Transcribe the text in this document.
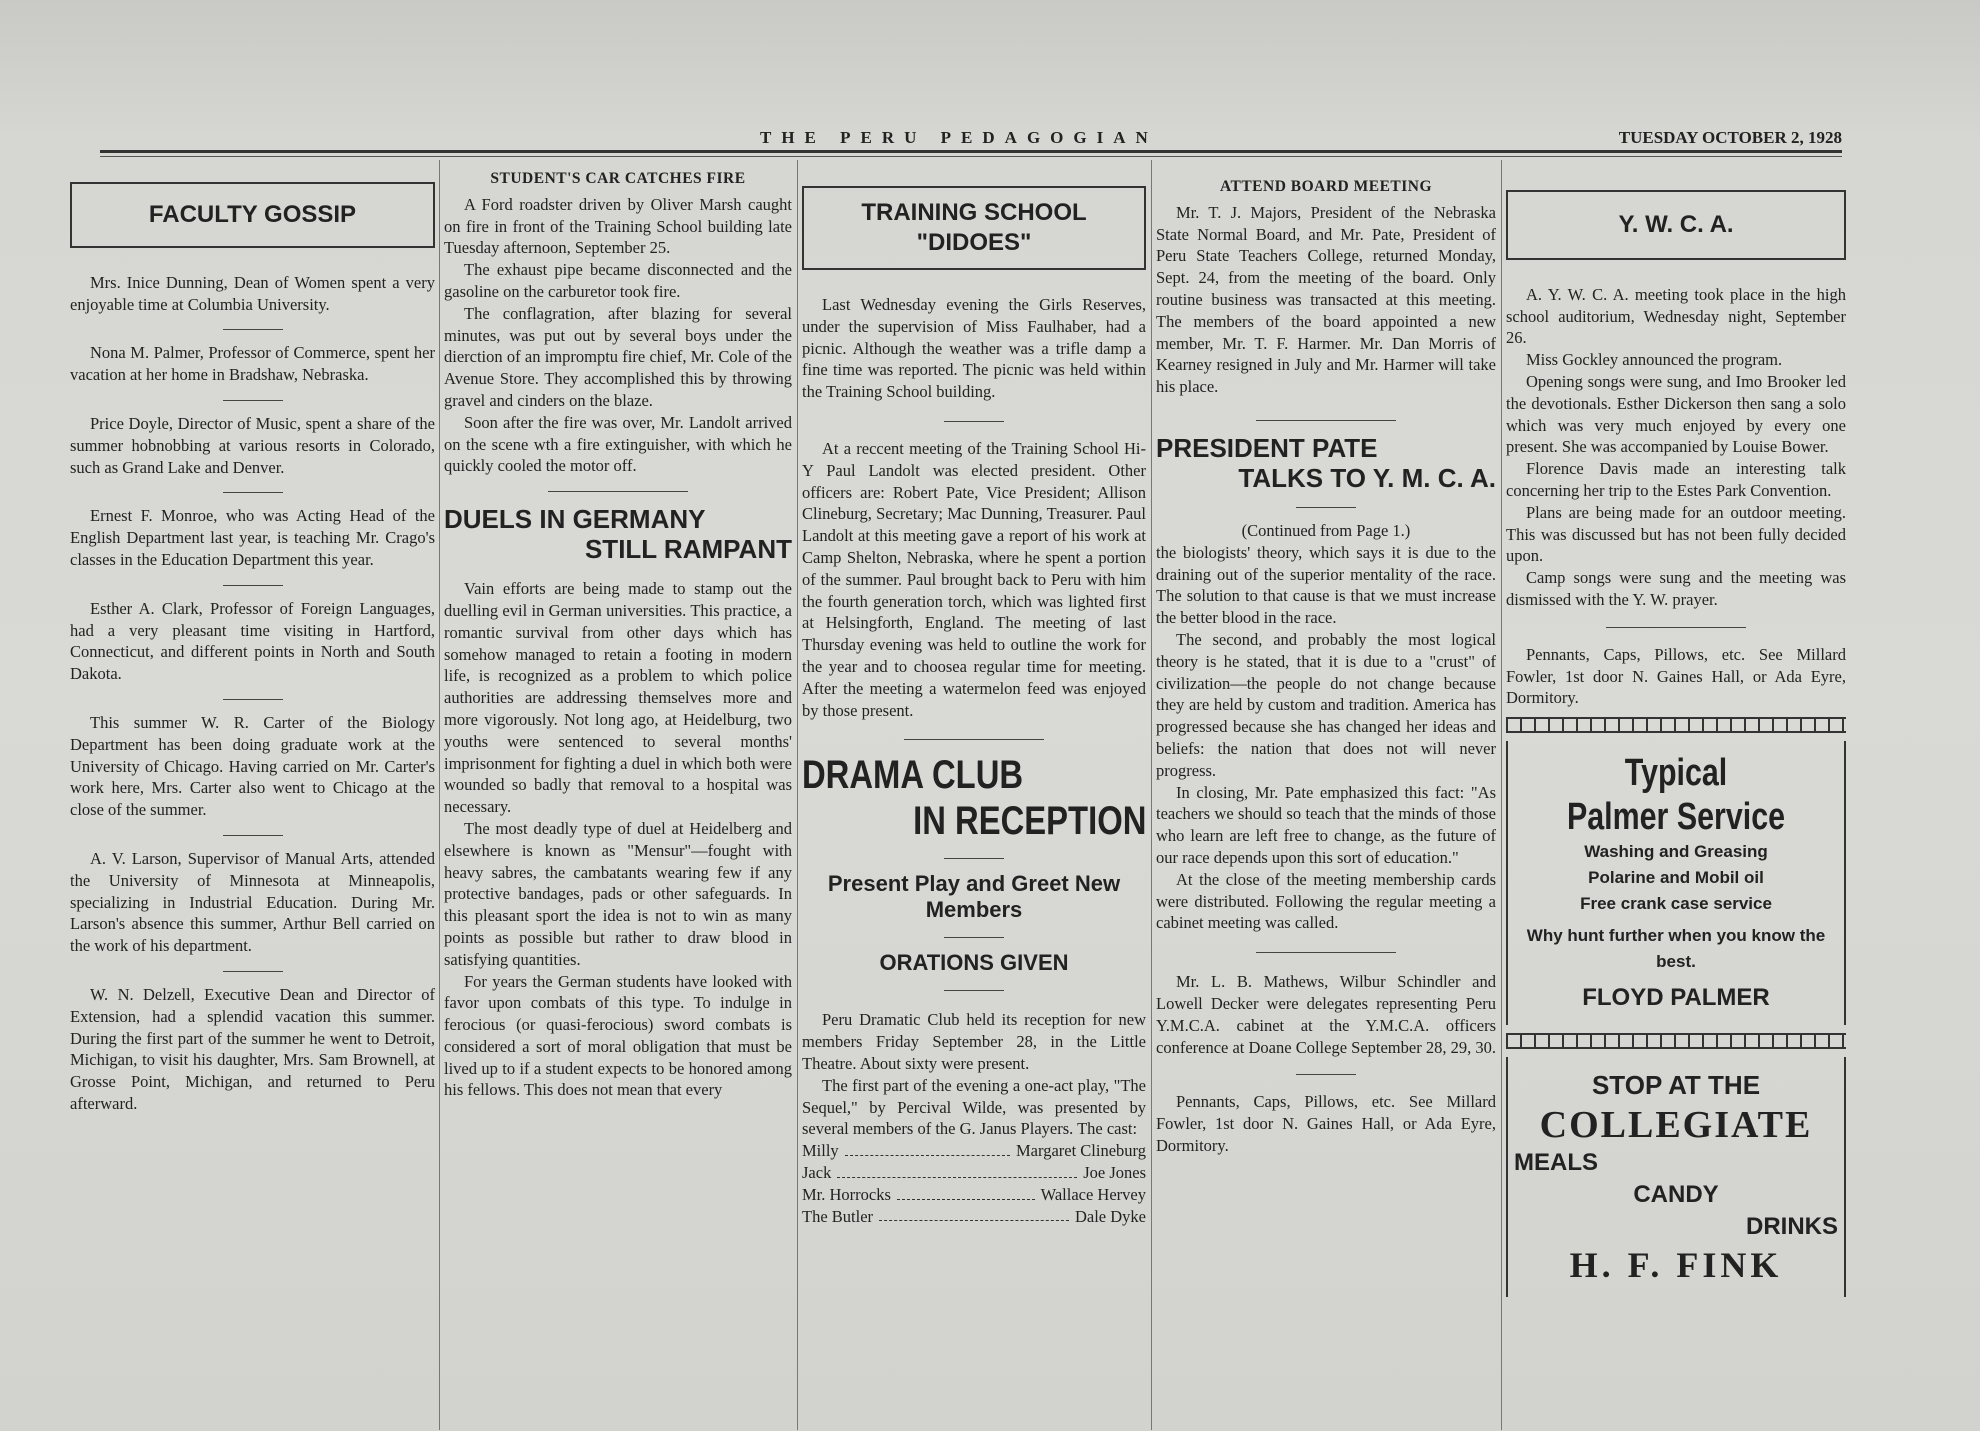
THE PERU PEDAGOGIAN	TUESDAY OCTOBER 2, 1928
FACULTY GOSSIP

Mrs. Inice Dunning, Dean of Women spent a very enjoyable time at Columbia University.

Nona M. Palmer, Professor of Commerce, spent her vacation at her home in Bradshaw, Nebraska.

Price Doyle, Director of Music, spent a share of the summer hobnobbing at various resorts in Colorado, such as Grand Lake and Denver.

Ernest F. Monroe, who was Acting Head of the English Department last year, is teaching Mr. Crago's classes in the Education Department this year.

Esther A. Clark, Professor of Foreign Languages, had a very pleasant time visiting in Hartford, Connecticut, and different points in North and South Dakota.

This summer W. R. Carter of the Biology Department has been doing graduate work at the University of Chicago. Having carried on Mr. Carter's work here, Mrs. Carter also went to Chicago at the close of the summer.

A. V. Larson, Supervisor of Manual Arts, attended the University of Minnesota at Minneapolis, specializing in Industrial Education. During Mr. Larson's absence this summer, Arthur Bell carried on the work of his department.

W. N. Delzell, Executive Dean and Director of Extension, had a splendid vacation this summer. During the first part of the summer he went to Detroit, Michigan, to visit his daughter, Mrs. Sam Brownell, at Grosse Point, Michigan, and returned to Peru afterward.

STUDENT'S CAR CATCHES FIRE

A Ford roadster driven by Oliver Marsh caught on fire in front of the Training School building late Tuesday afternoon, September 25.

The exhaust pipe became disconnected and the gasoline on the carburetor took fire.

The conflagration, after blazing for several minutes, was put out by several boys under the dierction of an impromptu fire chief, Mr. Cole of the Avenue Store. They accomplished this by throwing gravel and cinders on the blaze.

Soon after the fire was over, Mr. Landolt arrived on the scene wth a fire extinguisher, with which he quickly cooled the motor off.

DUELS IN GERMANY
STILL RAMPANT

Vain efforts are being made to stamp out the duelling evil in German universities. This practice, a romantic survival from other days which has somehow managed to retain a footing in modern life, is recognized as a problem to which police authorities are addressing themselves more and more vigorously. Not long ago, at Heidelburg, two youths were sentenced to several months' imprisonment for fighting a duel in which both were wounded so badly that removal to a hospital was necessary.

The most deadly type of duel at Heidelberg and elsewhere is known as "Mensur"—fought with heavy sabres, the cambatants wearing few if any protective bandages, pads or other safeguards. In this pleasant sport the idea is not to win as many points as possible but rather to draw blood in satisfying quantities.

For years the German students have looked with favor upon combats of this type. To indulge in ferocious (or quasi-ferocious) sword combats is considered a sort of moral obligation that must be lived up to if a student expects to be honored among his fellows. This does not mean that every

TRAINING SCHOOL
"DIDOES"

Last Wednesday evening the Girls Reserves, under the supervision of Miss Faulhaber, had a picnic. Although the weather was a trifle damp a fine time was reported. The picnic was held within the Training School building.

At a reccent meeting of the Training School Hi-Y Paul Landolt was elected president. Other officers are: Robert Pate, Vice President; Allison Clineburg, Secretary; Mac Dunning, Treasurer. Paul Landolt at this meeting gave a report of his work at Camp Shelton, Nebraska, where he spent a portion of the summer. Paul brought back to Peru with him the fourth generation torch, which was lighted first at Helsingforth, England. The meeting of last Thursday evening was held to outline the work for the year and to choosea regular time for meeting. After the meeting a watermelon feed was enjoyed by those present.

DRAMA CLUB
IN RECEPTION
Present Play and Greet New Members
ORATIONS GIVEN

Peru Dramatic Club held its reception for new members Friday September 28, in the Little Theatre. About sixty were present.

The first part of the evening a one-act play, "The Sequel," by Percival Wilde, was presented by several members of the G. Janus Players. The cast:

Milly	Margaret Clineburg
Jack	Joe Jones
Mr. Horrocks	Wallace Hervey
The Butler	Dale Dyke
ATTEND BOARD MEETING

Mr. T. J. Majors, President of the Nebraska State Normal Board, and Mr. Pate, President of Peru State Teachers College, returned Monday, Sept. 24, from the meeting of the board. Only routine business was transacted at this meeting. The members of the board appointed a new member, Mr. T. F. Harmer. Mr. Dan Morris of Kearney resigned in July and Mr. Harmer will take his place.

PRESIDENT PATE
TALKS TO Y. M. C. A.
(Continued from Page 1.)

the biologists' theory, which says it is due to the draining out of the superior mentality of the race. The solution to that cause is that we must increase the better blood in the race.

The second, and probably the most logical theory is he stated, that it is due to a "crust" of civilization—the people do not change because they are held by custom and tradition. America has progressed because she has changed her ideas and beliefs: the nation that does not will never progress.

In closing, Mr. Pate emphasized this fact: "As teachers we should so teach that the minds of those who learn are left free to change, as the future of our race depends upon this sort of education."

At the close of the meeting membership cards were distributed. Following the regular meeting a cabinet meeting was called.

Mr. L. B. Mathews, Wilbur Schindler and Lowell Decker were delegates representing Peru Y.M.C.A. cabinet at the Y.M.C.A. officers conference at Doane College September 28, 29, 30.

Pennants, Caps, Pillows, etc. See Millard Fowler, 1st door N. Gaines Hall, or Ada Eyre, Dormitory.

Y. W. C. A.

A. Y. W. C. A. meeting took place in the high school auditorium, Wednesday night, September 26.

Miss Gockley announced the program.

Opening songs were sung, and Imo Brooker led the devotionals. Esther Dickerson then sang a solo which was very much enjoyed by every one present. She was accompanied by Louise Bower.

Florence Davis made an interesting talk concerning her trip to the Estes Park Convention.

Plans are being made for an outdoor meeting. This was discussed but has not been fully decided upon.

Camp songs were sung and the meeting was dismissed with the Y. W. prayer.

Pennants, Caps, Pillows, etc. See Millard Fowler, 1st door N. Gaines Hall, or Ada Eyre, Dormitory.

Typical
Palmer Service
Washing and Greasing
Polarine and Mobil oil
Free crank case service
Why hunt further when you know the best.
FLOYD PALMER
STOP AT THE
COLLEGIATE
MEALS
CANDY
DRINKS
H. F. FINK
